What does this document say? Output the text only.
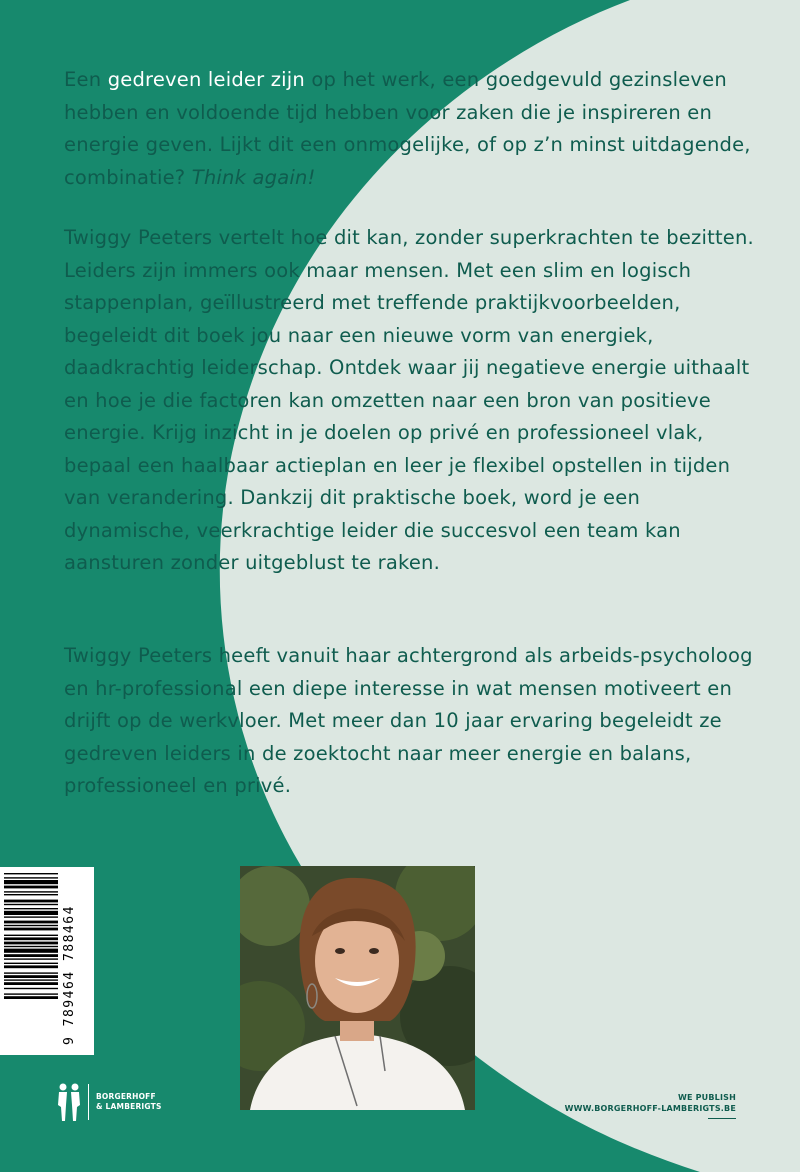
Een gedreven leider zijn op het werk, een goedgevuld gezinsleven hebben en voldoende tijd hebben voor zaken die je inspireren en energie geven. Lijkt dit een onmogelijke, of op z’n minst uitdagende, combinatie? Think again!
Twiggy Peeters vertelt hoe dit kan, zonder superkrachten te bezitten. Leiders zijn immers ook maar mensen. Met een slim en logisch stappenplan, geïllustreerd met treffende praktijkvoorbeelden, begeleidt dit boek jou naar een nieuwe vorm van energiek, daadkrachtig leiderschap. Ontdek waar jij negatieve energie uithaalt en hoe je die factoren kan omzetten naar een bron van positieve energie. Krijg inzicht in je doelen op privé en professioneel vlak, bepaal een haalbaar actieplan en leer je flexibel opstellen in tijden van verandering. Dankzij dit praktische boek, word je een dynamische, veerkrachtige leider die succesvol een team kan aansturen zonder uitgeblust te raken.
Twiggy Peeters heeft vanuit haar achtergrond als arbeids-psycholoog en hr-professional een diepe interesse in wat mensen motiveert en drijft op de werkvloer. Met meer dan 10 jaar ervaring begeleidt ze gedreven leiders in de zoektocht naar meer energie en balans, professioneel en privé.
9 789464 788464
BORGERHOFF
& LAMBERIGTS
WE PUBLISH
WWW.BORGERHOFF-LAMBERIGTS.BE
